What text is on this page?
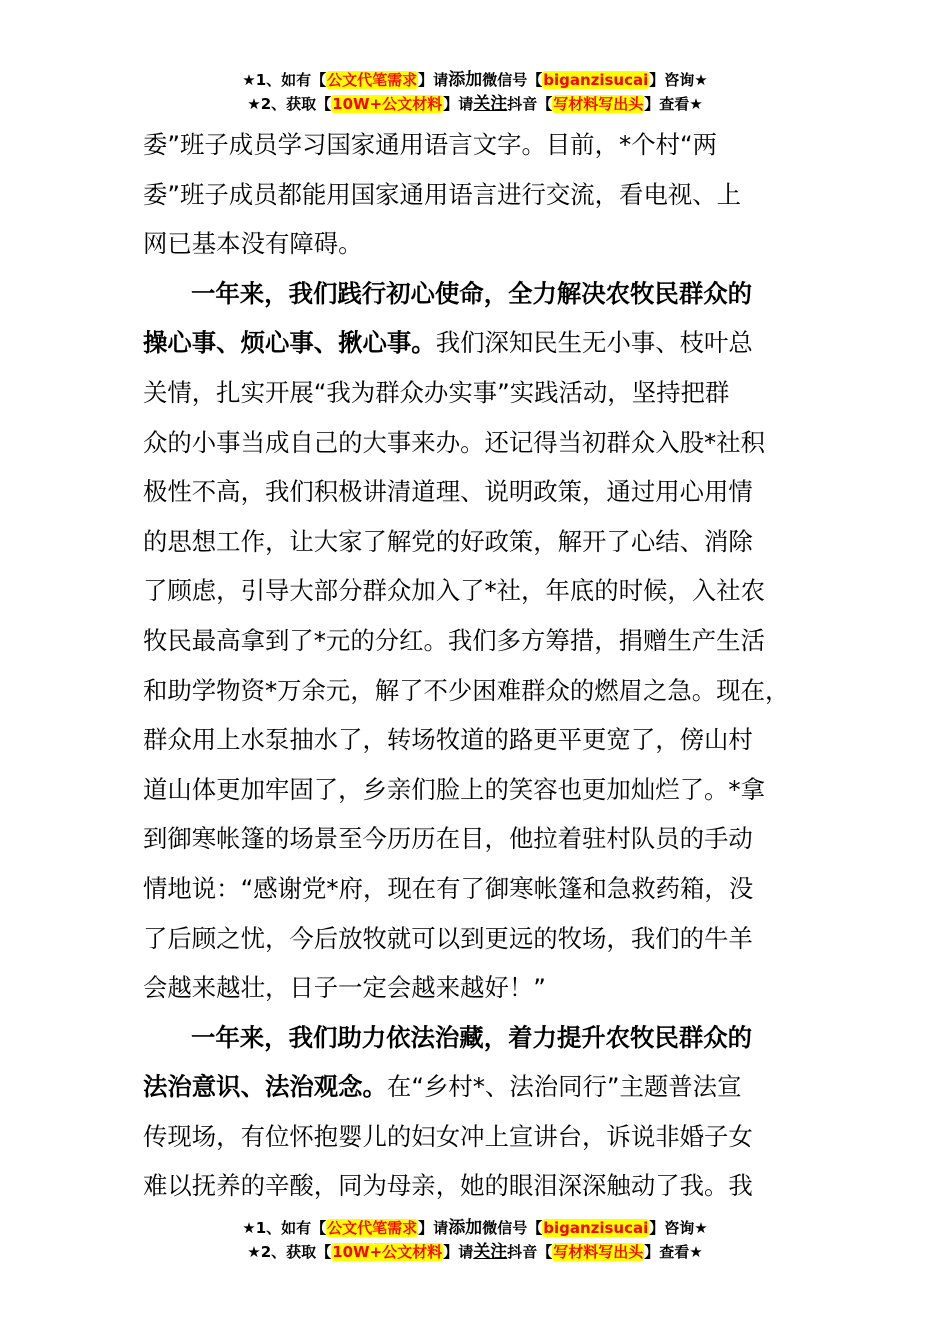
★1、如有【公文代笔需求】请添加微信号【biganzisucai】咨询★
★2、获取【10W+公文材料】请关注抖音【写材料写出头】查看★

委”班子成员学习国家通用语言文字。目前，*个村“两
委”班子成员都能用国家通用语言进行交流，看电视、上
网已基本没有障碍。

一年来，我们践行初心使命，全力解决农牧民群众的
操心事、烦心事、揪心事。我们深知民生无小事、枝叶总
关情，扎实开展“我为群众办实事”实践活动，坚持把群
众的小事当成自己的大事来办。还记得当初群众入股*社积
极性不高，我们积极讲清道理、说明政策，通过用心用情
的思想工作，让大家了解党的好政策，解开了心结、消除
了顾虑，引导大部分群众加入了*社，年底的时候，入社农
牧民最高拿到了*元的分红。我们多方筹措，捐赠生产生活
和助学物资*万余元，解了不少困难群众的燃眉之急。现在，
群众用上水泵抽水了，转场牧道的路更平更宽了，傍山村
道山体更加牢固了，乡亲们脸上的笑容也更加灿烂了。*拿
到御寒帐篷的场景至今历历在目，他拉着驻村队员的手动
情地说：“感谢党*府，现在有了御寒帐篷和急救药箱，没
了后顾之忧，今后放牧就可以到更远的牧场，我们的牛羊
会越来越壮，日子一定会越来越好！”

一年来，我们助力依法治藏，着力提升农牧民群众的
法治意识、法治观念。在“乡村*、法治同行”主题普法宣
传现场，有位怀抱婴儿的妇女冲上宣讲台，诉说非婚子女
难以抚养的辛酸，同为母亲，她的眼泪深深触动了我。我

★1、如有【公文代笔需求】请添加微信号【biganzisucai】咨询★
★2、获取【10W+公文材料】请关注抖音【写材料写出头】查看★
